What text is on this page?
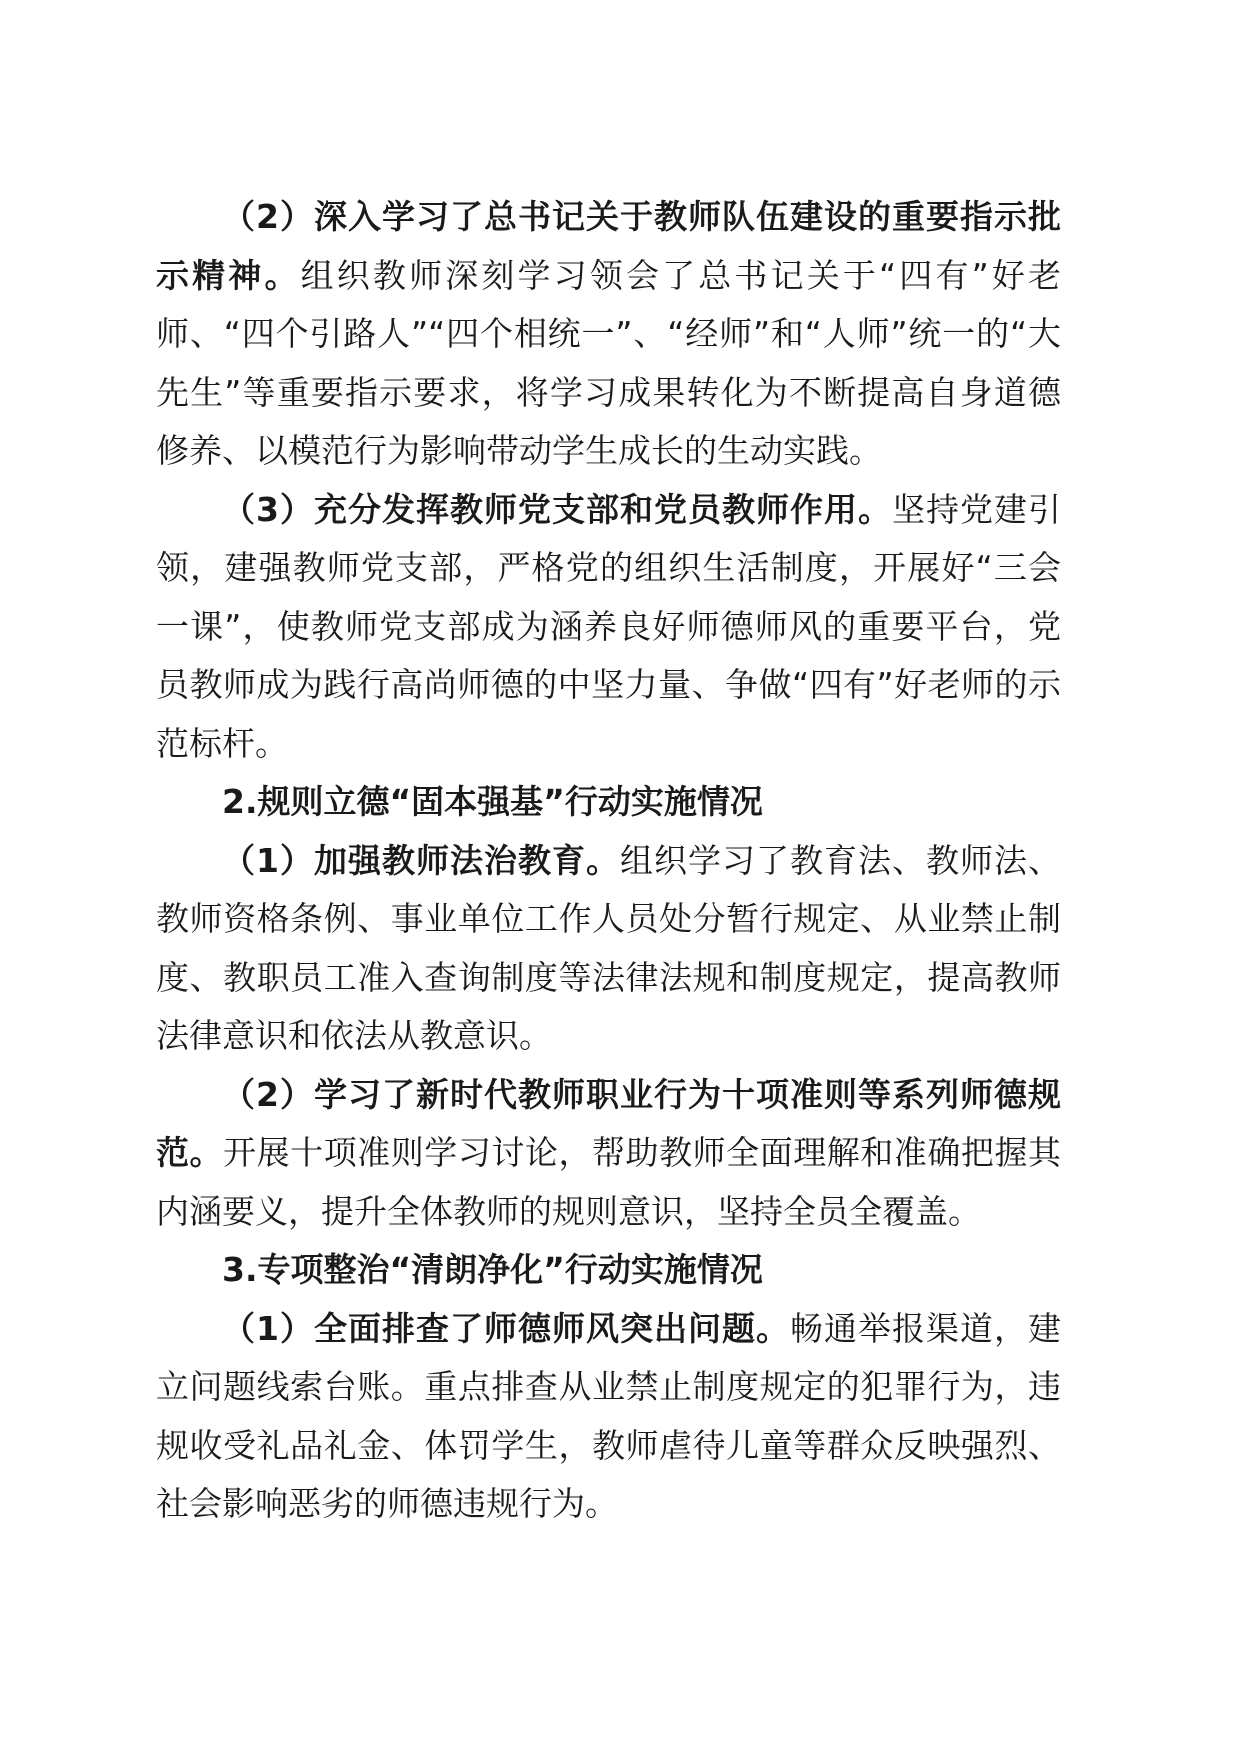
（2）深入学习了总书记关于教师队伍建设的重要指示批示精神。组织教师深刻学习领会了总书记关于“四有”好老师、“四个引路人”“四个相统一”、“经师”和“人师”统一的“大先生”等重要指示要求，将学习成果转化为不断提高自身道德修养、以模范行为影响带动学生成长的生动实践。

（3）充分发挥教师党支部和党员教师作用。坚持党建引领，建强教师党支部，严格党的组织生活制度，开展好“三会一课”，使教师党支部成为涵养良好师德师风的重要平台，党员教师成为践行高尚师德的中坚力量、争做“四有”好老师的示范标杆。

2.规则立德“固本强基”行动实施情况

（1）加强教师法治教育。组织学习了教育法、教师法、教师资格条例、事业单位工作人员处分暂行规定、从业禁止制度、教职员工准入查询制度等法律法规和制度规定，提高教师法律意识和依法从教意识。

（2）学习了新时代教师职业行为十项准则等系列师德规范。开展十项准则学习讨论，帮助教师全面理解和准确把握其内涵要义，提升全体教师的规则意识，坚持全员全覆盖。

3.专项整治“清朗净化”行动实施情况

（1）全面排查了师德师风突出问题。畅通举报渠道，建立问题线索台账。重点排查从业禁止制度规定的犯罪行为，违规收受礼品礼金、体罚学生，教师虐待儿童等群众反映强烈、社会影响恶劣的师德违规行为。
